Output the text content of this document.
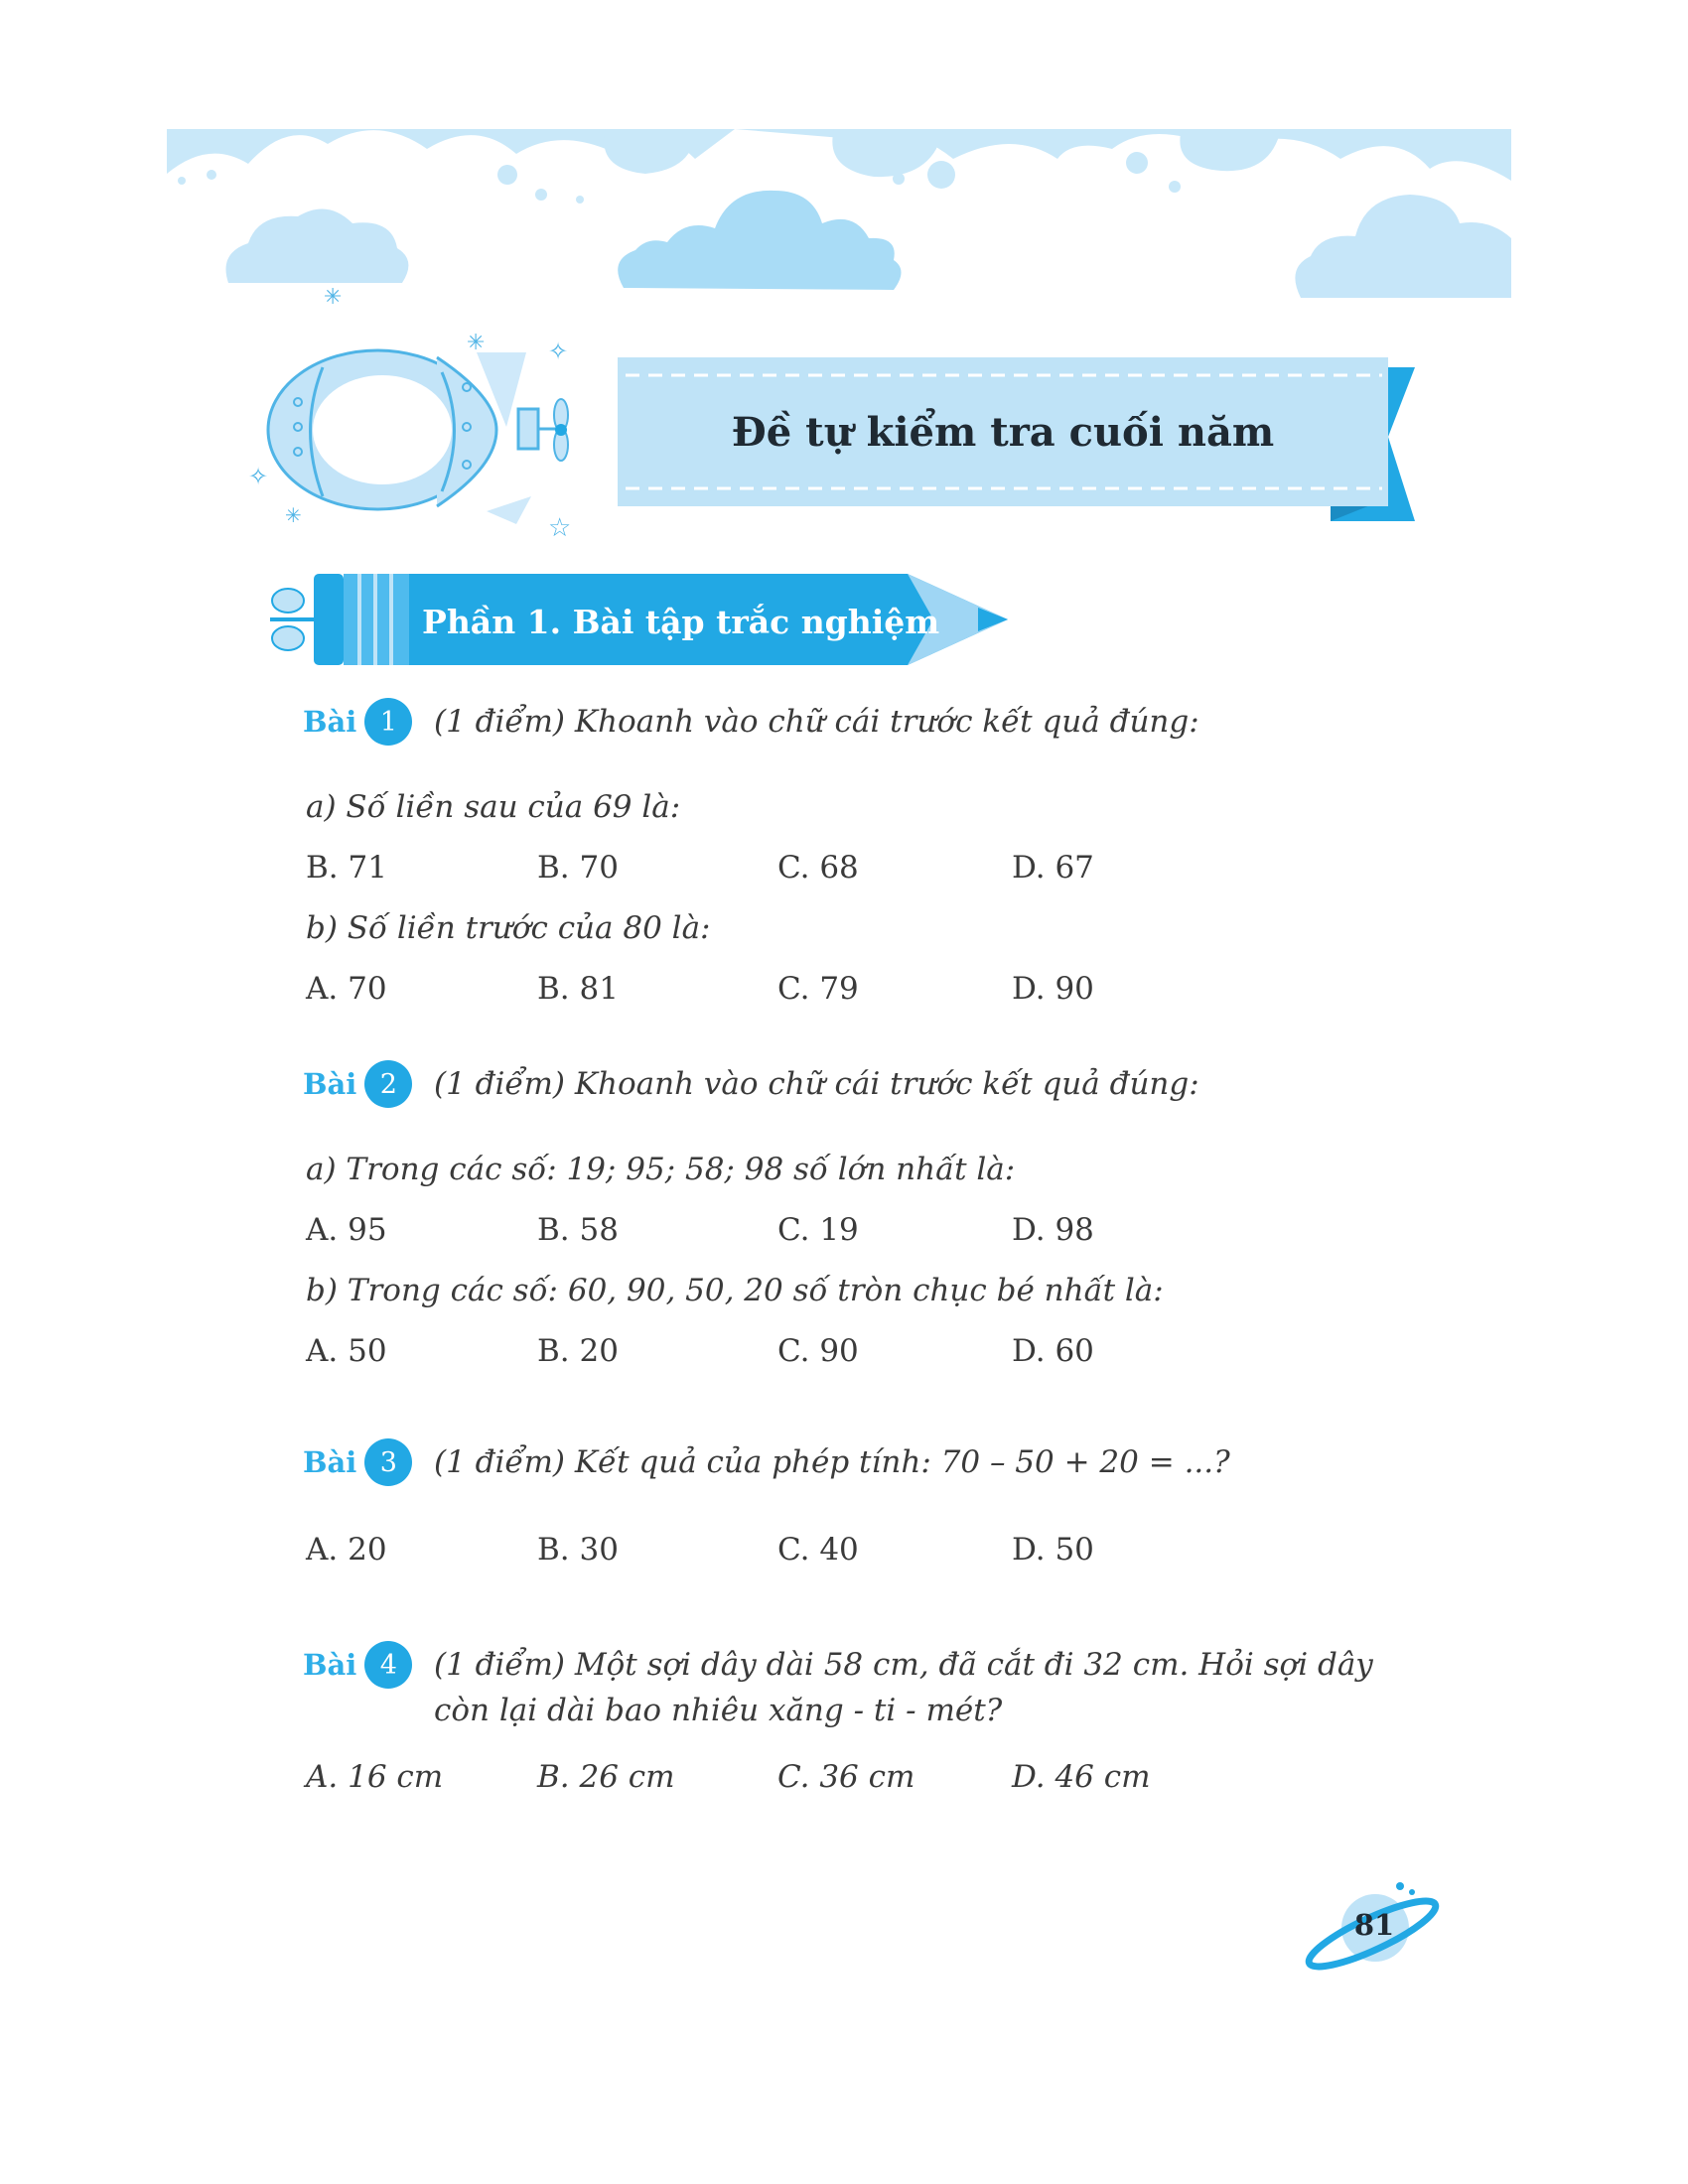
✳
✳	✧
✧
✳	☆
Đề tự kiểm tra cuối năm
Phần 1. Bài tập trắc nghiệm
Bài 1	(1 điểm) Khoanh vào chữ cái trước kết quả đúng:
a) Số liền sau của 69 là:
B. 71	B. 70	C. 68	D. 67
b) Số liền trước của 80 là:
A. 70	B. 81	C. 79	D. 90
Bài 2	(1 điểm) Khoanh vào chữ cái trước kết quả đúng:
a) Trong các số: 19; 95; 58; 98 số lớn nhất là:
A. 95	B. 58	C. 19	D. 98
b) Trong các số: 60, 90, 50, 20 số tròn chục bé nhất là:
A. 50	B. 20	C. 90	D. 60
Bài 3	(1 điểm) Kết quả của phép tính: 70 – 50 + 20 = ...?
A. 20	B. 30	C. 40	D. 50
Bài 4	(1 điểm) Một sợi dây dài 58 cm, đã cắt đi 32 cm. Hỏi sợi dây còn lại dài bao nhiêu xăng - ti - mét?
A. 16 cm	B. 26 cm	C. 36 cm	D. 46 cm
81
